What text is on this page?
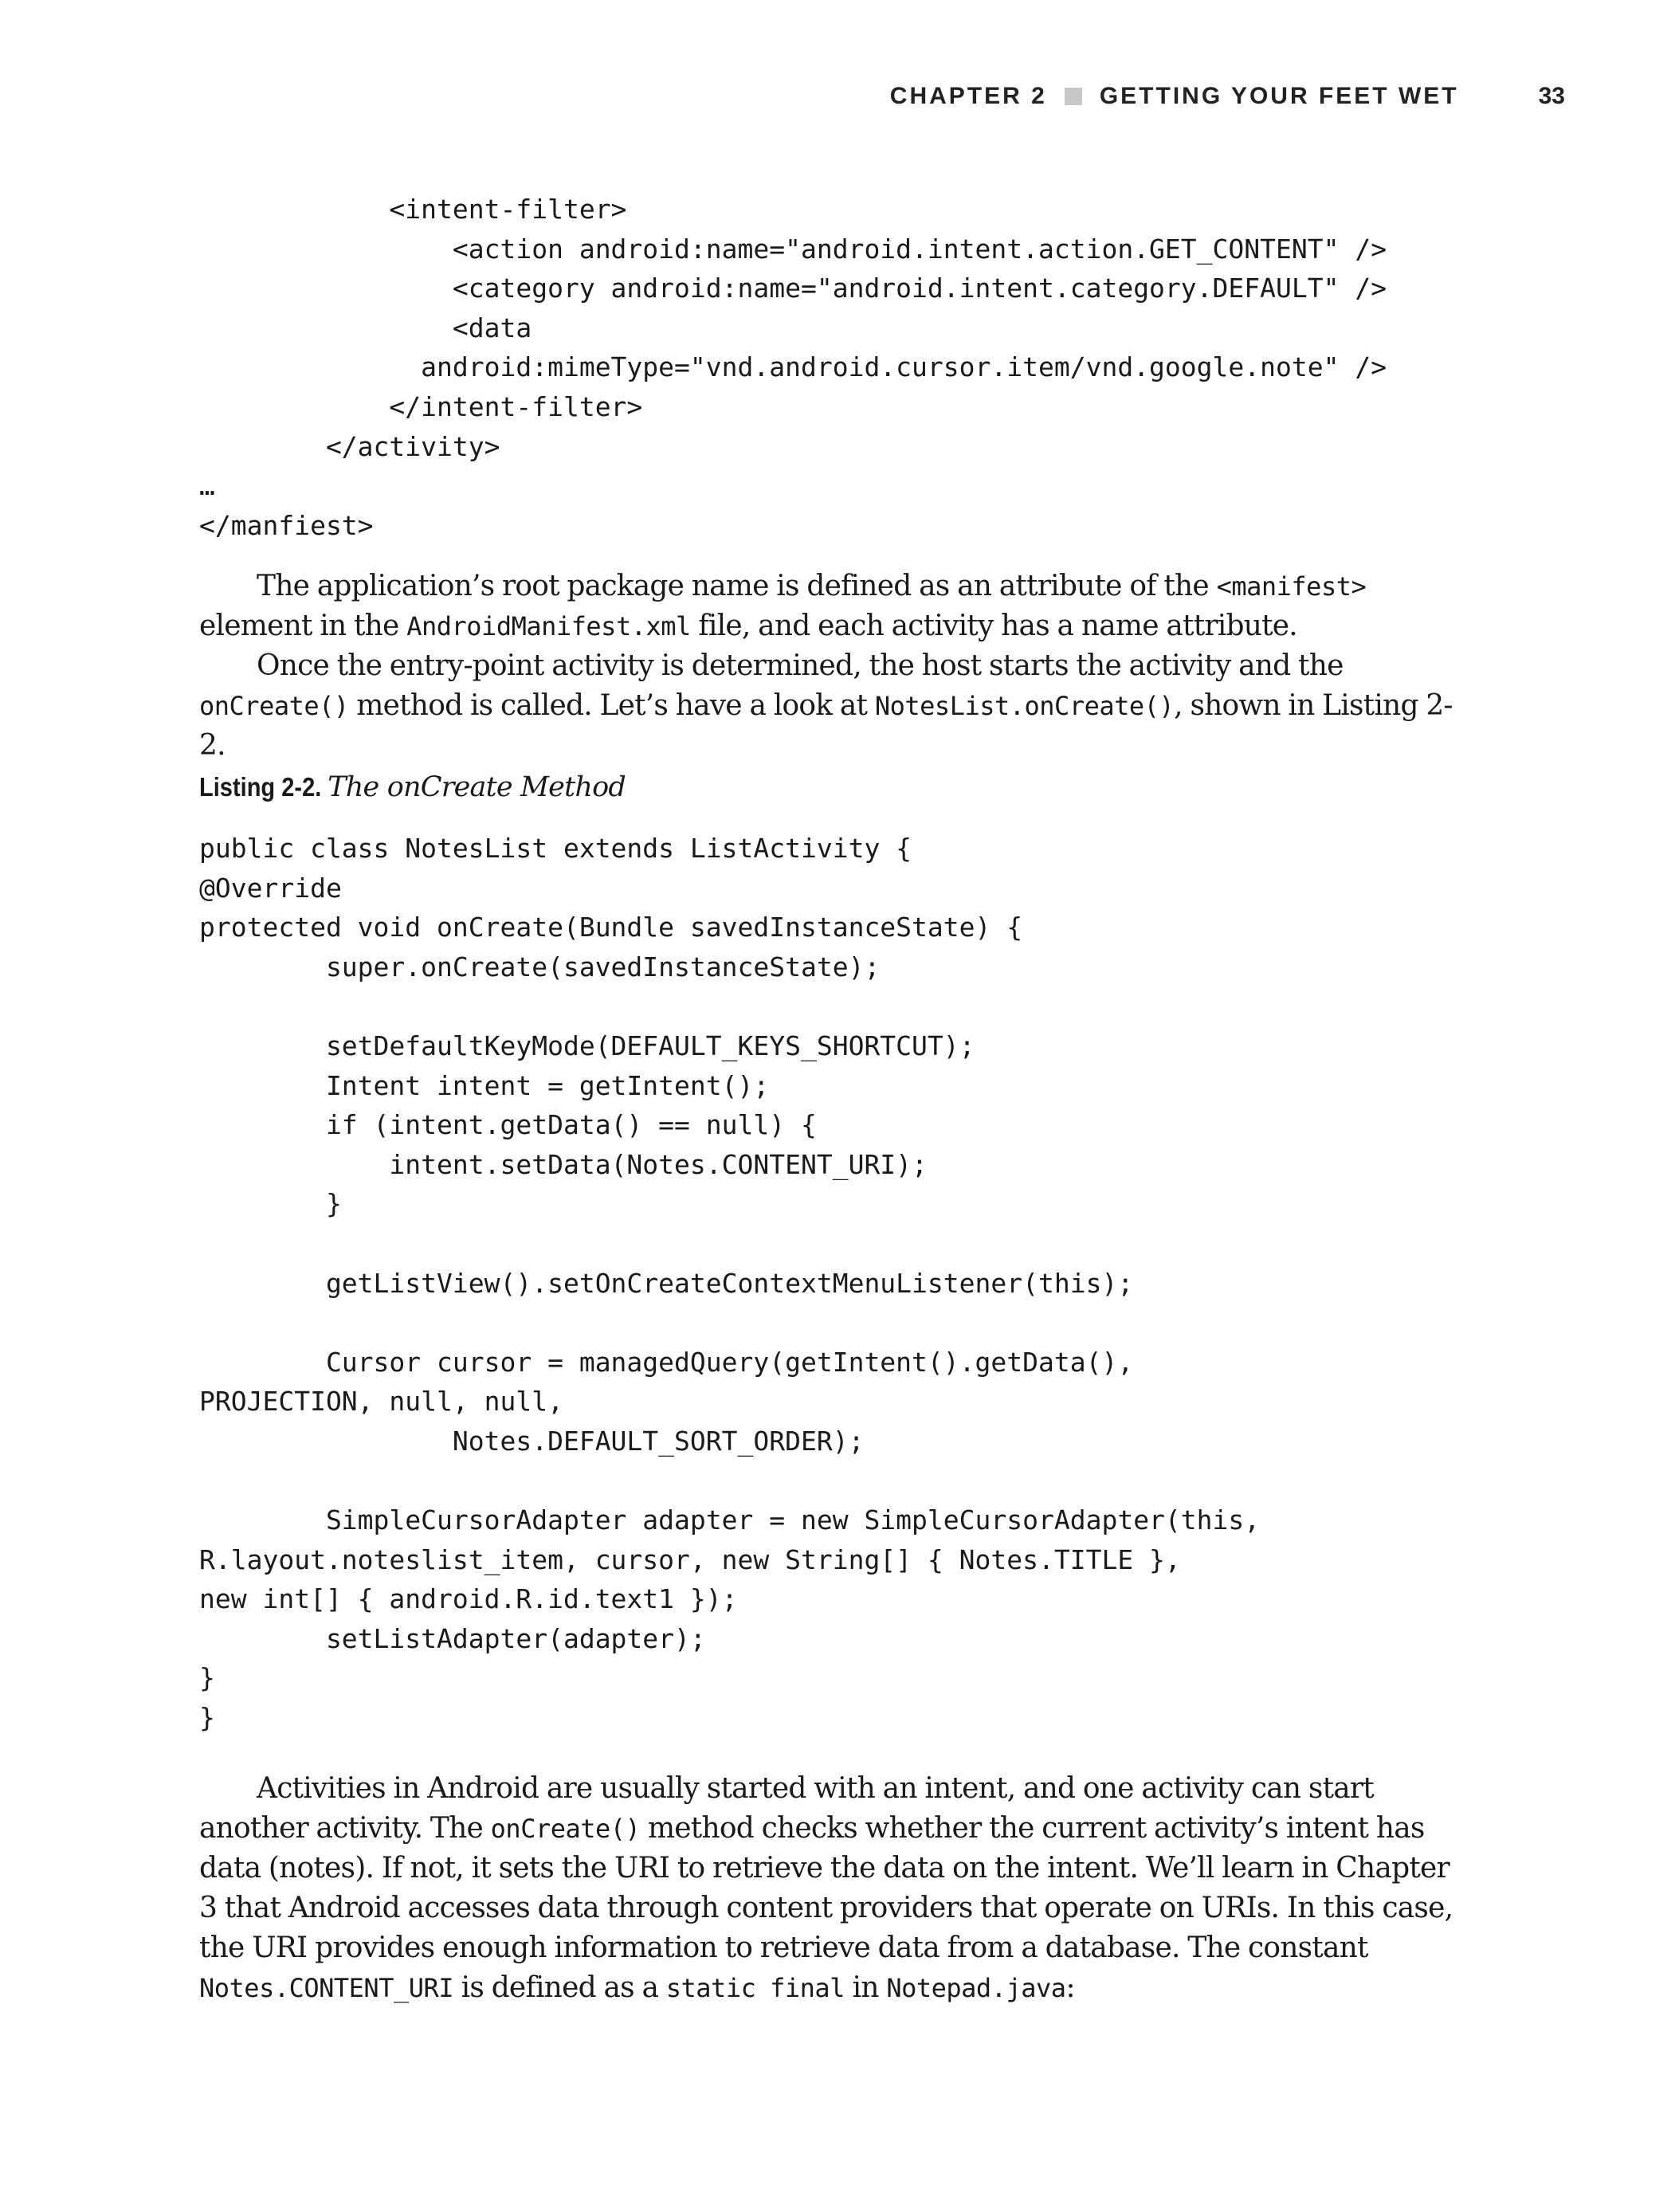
CHAPTER 2 GETTING YOUR FEET WET	33
<intent-filter>
<action android:name="android.intent.action.GET_CONTENT" />
<category android:name="android.intent.category.DEFAULT" />
<data
android:mimeType="vnd.android.cursor.item/vnd.google.note" />
</intent-filter>
</activity>
…
</manfiest>

The application’s root package name is defined as an attribute of the <manifest> element in the AndroidManifest.xml file, and each activity has a name attribute.

Once the entry-point activity is determined, the host starts the activity and the onCreate() method is called. Let’s have a look at NotesList.onCreate(), shown in Listing 2-2.

Listing 2-2. The onCreate Method
public class NotesList extends ListActivity {
@Override
protected void onCreate(Bundle savedInstanceState) {
super.onCreate(savedInstanceState);

setDefaultKeyMode(DEFAULT_KEYS_SHORTCUT);
Intent intent = getIntent();
if (intent.getData() == null) {
intent.setData(Notes.CONTENT_URI);
}

getListView().setOnCreateContextMenuListener(this);

Cursor cursor = managedQuery(getIntent().getData(),
PROJECTION, null, null,
Notes.DEFAULT_SORT_ORDER);

SimpleCursorAdapter adapter = new SimpleCursorAdapter(this,
R.layout.noteslist_item, cursor, new String[] { Notes.TITLE },
new int[] { android.R.id.text1 });
setListAdapter(adapter);
}
}

Activities in Android are usually started with an intent, and one activity can start another activity. The onCreate() method checks whether the current activity’s intent has data (notes). If not, it sets the URI to retrieve the data on the intent. We’ll learn in Chapter 3 that Android accesses data through content providers that operate on URIs. In this case, the URI provides enough information to retrieve data from a database. The constant Notes.CONTENT_URI is defined as a static final in Notepad.java:
